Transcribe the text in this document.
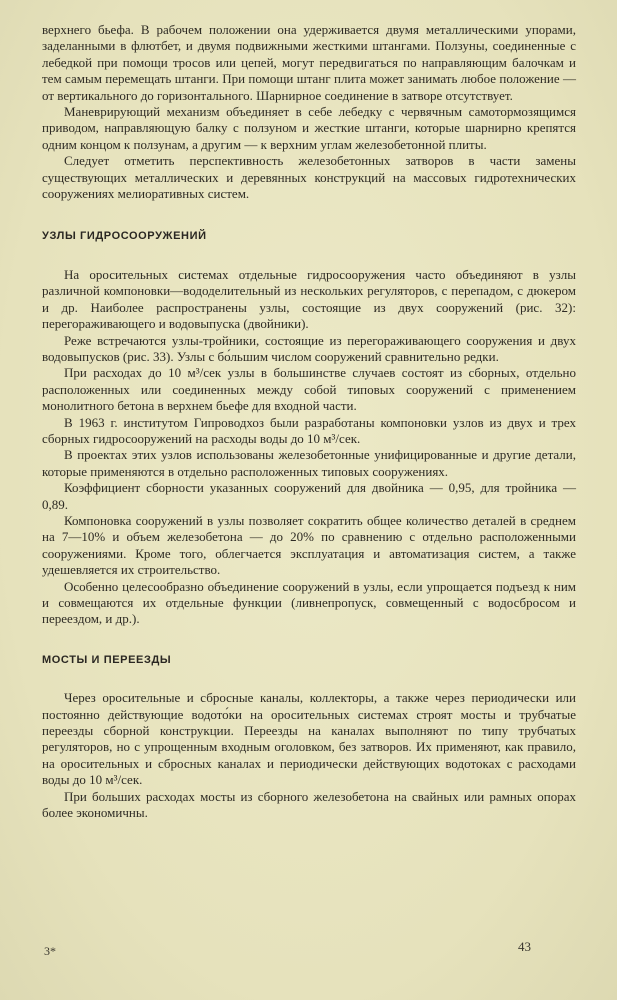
верхнего бьефа. В рабочем положении она удерживается двумя металлическими упорами, заделанными в флютбет, и двумя подвижными жесткими штангами. Ползуны, соединенные с лебедкой при помощи тросов или цепей, могут передвигаться по направляющим балочкам и тем самым перемещать штанги. При помощи штанг плита может занимать любое положение — от вертикального до горизонтального. Шарнирное соединение в затворе отсутствует.

Маневрирующий механизм объединяет в себе лебедку с червячным самотормозящимся приводом, направляющую балку с ползуном и жесткие штанги, которые шарнирно крепятся одним концом к ползунам, а другим — к верхним углам железобетонной плиты.

Следует отметить перспективность железобетонных затворов в части замены существующих металлических и деревянных конструкций на массовых гидротехнических сооружениях мелиоративных систем.

УЗЛЫ ГИДРОСООРУЖЕНИЙ

На оросительных системах отдельные гидросооружения часто объединяют в узлы различной компоновки—вододелительный из нескольких регуляторов, с перепадом, с дюкером и др. Наиболее распространены узлы, состоящие из двух сооружений (рис. 32): перегораживающего и водовыпуска (двойники).

Реже встречаются узлы-тройники, состоящие из перегораживающего сооружения и двух водовыпусков (рис. 33). Узлы с бо́льшим числом сооружений сравнительно редки.

При расходах до 10 м³/сек узлы в большинстве случаев состоят из сборных, отдельно расположенных или соединенных между собой типовых сооружений с применением монолитного бетона в верхнем бьефе для входной части.

В 1963 г. институтом Гипроводхоз были разработаны компоновки узлов из двух и трех сборных гидросооружений на расходы воды до 10 м³/сек.

В проектах этих узлов использованы железобетонные унифицированные и другие детали, которые применяются в отдельно расположенных типовых сооружениях.

Коэффициент сборности указанных сооружений для двойника — 0,95, для тройника — 0,89.

Компоновка сооружений в узлы позволяет сократить общее количество деталей в среднем на 7—10% и объем железобетона — до 20% по сравнению с отдельно расположенными сооружениями. Кроме того, облегчается эксплуатация и автоматизация систем, а также удешевляется их строительство.

Особенно целесообразно объединение сооружений в узлы, если упрощается подъезд к ним и совмещаются их отдельные функции (ливнепропуск, совмещенный с водосбросом и переездом, и др.).

МОСТЫ И ПЕРЕЕЗДЫ

Через оросительные и сбросные каналы, коллекторы, а также через периодически или постоянно действующие водото́ки на оросительных системах строят мосты и трубчатые переезды сборной конструкции. Переезды на каналах выполняют по типу трубчатых регуляторов, но с упрощенным входным оголовком, без затворов. Их применяют, как правило, на оросительных и сбросных каналах и периодически действующих водотоках с расходами воды до 10 м³/сек.

При больших расходах мосты из сборного железобетона на свайных или рамных опорах более экономичны.

3*	43
